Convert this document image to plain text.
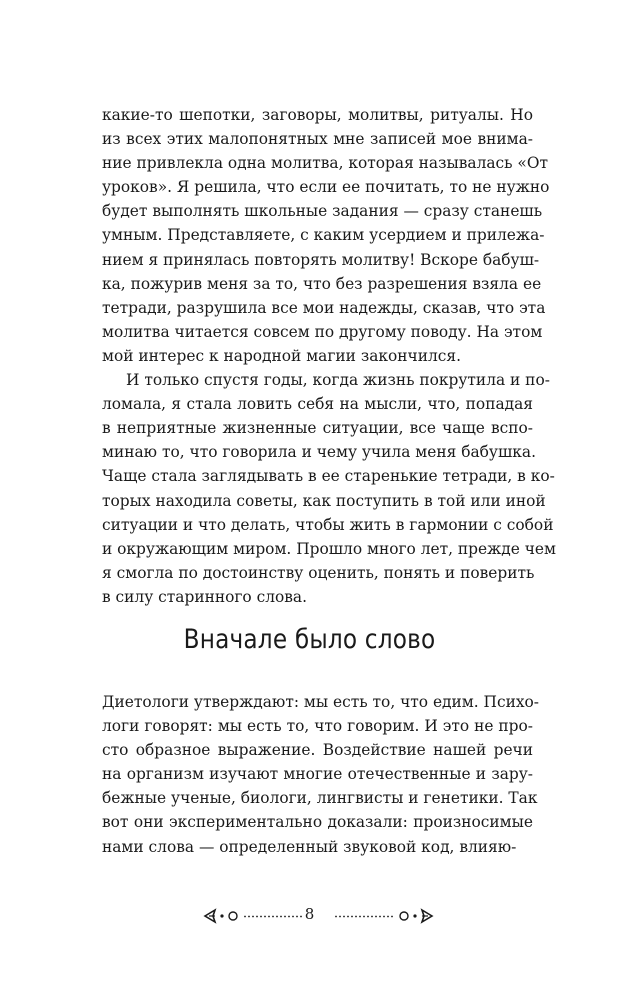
какие-то шепотки, заговоры, молитвы, ритуалы. Но
из всех этих малопонятных мне записей мое внима-
ние привлекла одна молитва, которая называлась «От
уроков». Я решила, что если ее почитать, то не нужно
будет выполнять школьные задания — сразу станешь
умным. Представляете, с каким усердием и прилежа-
нием я принялась повторять молитву! Вскоре бабуш-
ка, пожурив меня за то, что без разрешения взяла ее
тетради, разрушила все мои надежды, сказав, что эта
молитва читается совсем по другому поводу. На этом
мой интерес к народной магии закончился.

И только спустя годы, когда жизнь покрутила и по-
ломала, я стала ловить себя на мысли, что, попадая
в неприятные жизненные ситуации, все чаще вспо-
минаю то, что говорила и чему учила меня бабушка.
Чаще стала заглядывать в ее старенькие тетради, в ко-
торых находила советы, как поступить в той или иной
ситуации и что делать, чтобы жить в гармонии с собой
и окружающим миром. Прошло много лет, прежде чем
я смогла по достоинству оценить, понять и поверить
в силу старинного слова.

Вначале было слово

Диетологи утверждают: мы есть то, что едим. Психо-
логи говорят: мы есть то, что говорим. И это не про-
сто образное выражение. Воздействие нашей речи
на организм изучают многие отечественные и зару-
бежные ученые, биологи, лингвисты и генетики. Так
вот они экспериментально доказали: произносимые
нами слова — определенный звуковой код, влияю-

8
